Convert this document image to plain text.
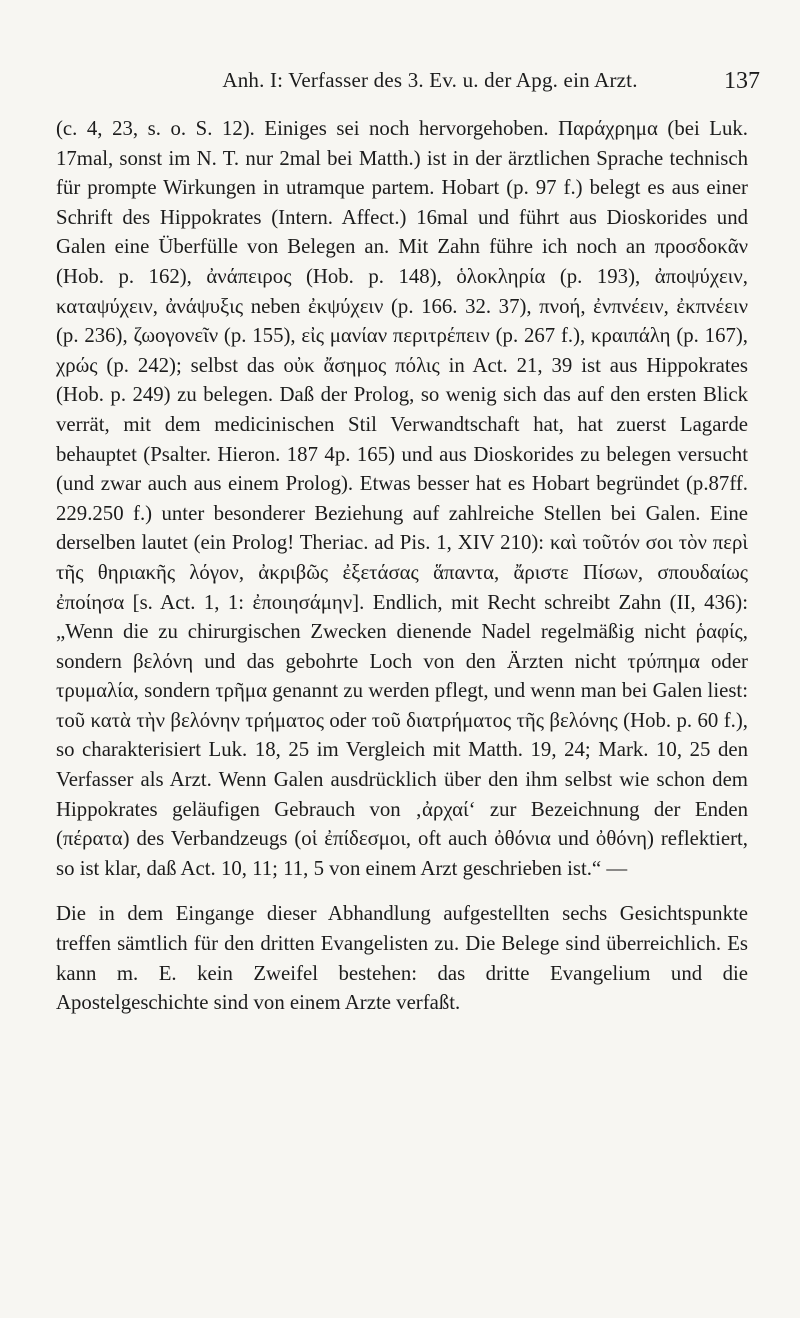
Anh. I: Verfasser des 3. Ev. u. der Apg. ein Arzt.	137

(c. 4, 23, s. o. S. 12). Einiges sei noch hervorgehoben. Παράχρημα (bei Luk. 17mal, sonst im N. T. nur 2mal bei Matth.) ist in der ärztlichen Sprache technisch für prompte Wirkungen in utramque partem. Hobart (p. 97 f.) belegt es aus einer Schrift des Hippokrates (Intern. Affect.) 16mal und führt aus Dioskorides und Galen eine Überfülle von Belegen an. Mit Zahn führe ich noch an προσδοκᾶν (Hob. p. 162), ἀνάπειρος (Hob. p. 148), ὁλοκληρία (p. 193), ἀποψύχειν, καταψύχειν, ἀνάψυξις neben ἐκψύχειν (p. 166. 32. 37), πνοή, ἐνπνέειν, ἐκπνέειν (p. 236), ζωογονεῖν (p. 155), εἰς μανίαν περιτρέπειν (p. 267 f.), κραιπάλη (p. 167), χρώς (p. 242); selbst das οὐκ ἄσημος πόλις in Act. 21, 39 ist aus Hippokrates (Hob. p. 249) zu belegen. Daß der Prolog, so wenig sich das auf den ersten Blick verrät, mit dem medicinischen Stil Verwandtschaft hat, hat zuerst Lagarde behauptet (Psalter. Hieron. 187 4p. 165) und aus Dioskorides zu belegen versucht (und zwar auch aus einem Prolog). Etwas besser hat es Hobart begründet (p.87ff. 229.250 f.) unter besonderer Beziehung auf zahlreiche Stellen bei Galen. Eine derselben lautet (ein Prolog! Theriac. ad Pis. 1, XIV 210): καὶ τοῦτόν σοι τὸν περὶ τῆς θηριακῆς λόγον, ἀκριβῶς ἐξετάσας ἅπαντα, ἄριστε Πίσων, σπουδαίως ἐποίησα [s. Act. 1, 1: ἐποιησάμην]. Endlich, mit Recht schreibt Zahn (II, 436): „Wenn die zu chirurgischen Zwecken dienende Nadel regelmäßig nicht ῥαφίς, sondern βελόνη und das gebohrte Loch von den Ärzten nicht τρύπημα oder τρυμαλία, sondern τρῆμα genannt zu werden pflegt, und wenn man bei Galen liest: τοῦ κατὰ τὴν βελόνην τρήματος oder τοῦ διατρήματος τῆς βελόνης (Hob. p. 60 f.), so charakterisiert Luk. 18, 25 im Vergleich mit Matth. 19, 24; Mark. 10, 25 den Verfasser als Arzt. Wenn Galen ausdrücklich über den ihm selbst wie schon dem Hippokrates geläufigen Gebrauch von ‚ἀρχαί‘ zur Bezeichnung der Enden (πέρατα) des Verbandzeugs (οἱ ἐπίδεσμοι, oft auch ὀθόνια und ὀθόνη) reflektiert, so ist klar, daß Act. 10, 11; 11, 5 von einem Arzt geschrieben ist.“ —

Die in dem Eingange dieser Abhandlung aufgestellten sechs Gesichtspunkte treffen sämtlich für den dritten Evangelisten zu. Die Belege sind überreichlich. Es kann m. E. kein Zweifel bestehen: das dritte Evangelium und die Apostelgeschichte sind von einem Arzte verfaßt.
